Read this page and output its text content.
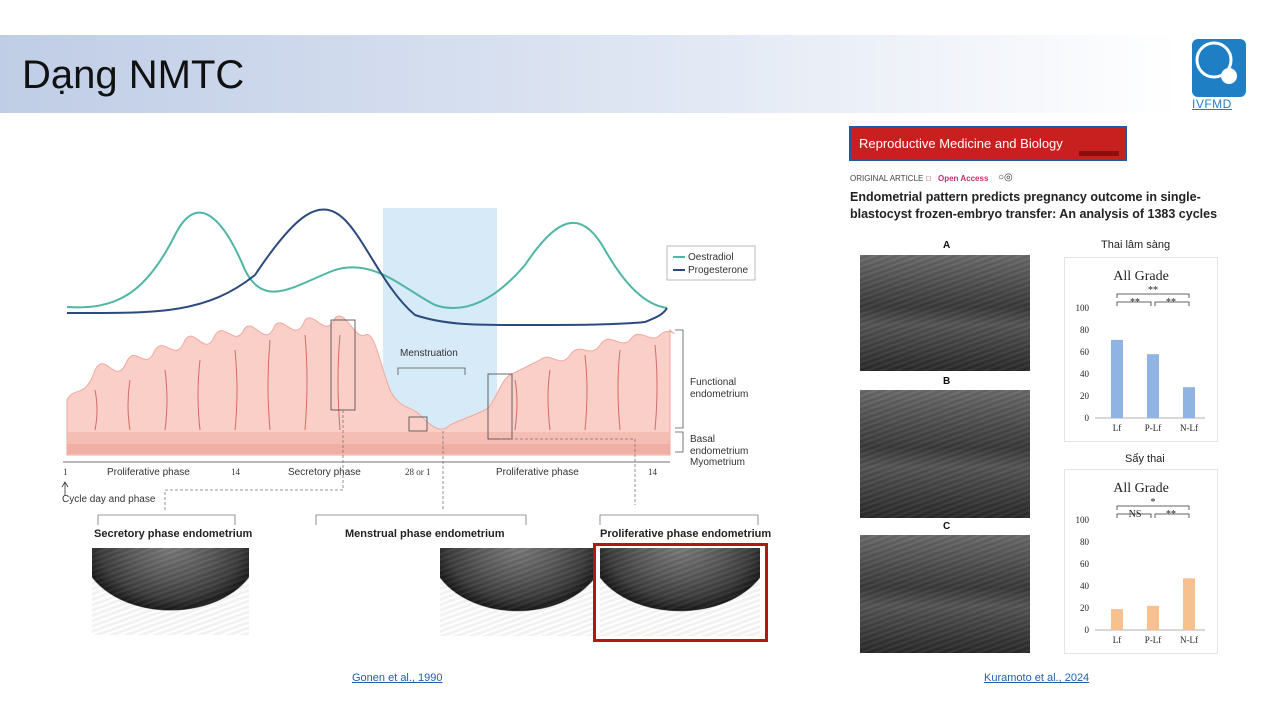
Dạng NMTC
IVFMD
Oestradiol
Progesterone
Menstruation
Functional
endometrium
Basal
endometrium
Myometrium
1	14	28 or 1	14
Proliferative phase	Secretory phase	Proliferative phase
Cycle day and phase
Secretory phase endometrium	Menstrual phase endometrium	Proliferative phase endometrium
Gonen et al., 1990
Reproductive Medicine and Biology
ORIGINAL ARTICLE Open Access
□	○◎
Endometrial pattern predicts pregnancy outcome in single-
blastocyst frozen-embryo transfer: An analysis of 1383 cycles
A
B
C
Thai lâm sàng
Sẩy thai
All Grade
0
20
40
60
80
100
Lf	P-Lf N-Lf
**	**
**
All Grade
0
20
40
60
80
100
Lf	P-Lf N-Lf
NS **
*
Kuramoto et al., 2024
